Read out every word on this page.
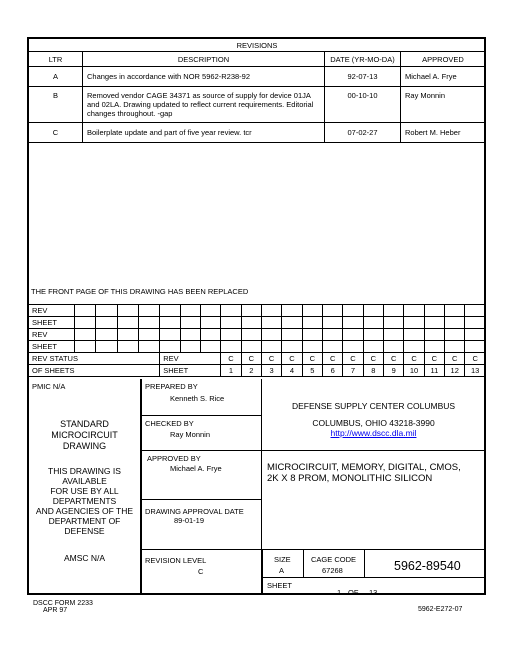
REVISIONS			
LTR	DESCRIPTION	DATE (YR-MO-DA)	APPROVED
A	Changes in accordance with NOR 5962-R238-92	92-07-13	Michael A. Frye
B	Removed vendor CAGE 34371 as source of supply for device 01JA and 02LA. Drawing updated to reflect current requirements. Editorial changes throughout. -gap	00-10-10	Ray Monnin
C	Boilerplate update and part of five year review. tcr	07-02-27	Robert M. Heber
THE FRONT PAGE OF THIS DRAWING HAS BEEN REPLACED
REV																				
SHEET																				
REV																				
SHEET																				
REV STATUS					REV			C	C	C	C	C	C	C	C	C	C	C	C	C
OF SHEETS					SHEET			1	2	3	4	5	6	7	8	9	10	11	12	13
PMIC N/A
STANDARD
MICROCIRCUIT
DRAWING
THIS DRAWING IS
AVAILABLE
FOR USE BY ALL
DEPARTMENTS
AND AGENCIES OF THE
DEPARTMENT OF
DEFENSE
AMSC N/A
PREPARED BY
Kenneth S. Rice
CHECKED BY
Ray Monnin
APPROVED BY
Michael A. Frye
DRAWING APPROVAL DATE
89-01-19
REVISION LEVEL
C
DEFENSE SUPPLY CENTER COLUMBUS
COLUMBUS, OHIO 43218-3990
http://www.dscc.dla.mil
MICROCIRCUIT, MEMORY, DIGITAL, CMOS,
2K X 8 PROM, MONOLITHIC SILICON
SIZE
A
CAGE CODE
67268	5962-89540
SHEET
1 OF 13
DSCC FORM 2233
APR 97	5962-E272-07
